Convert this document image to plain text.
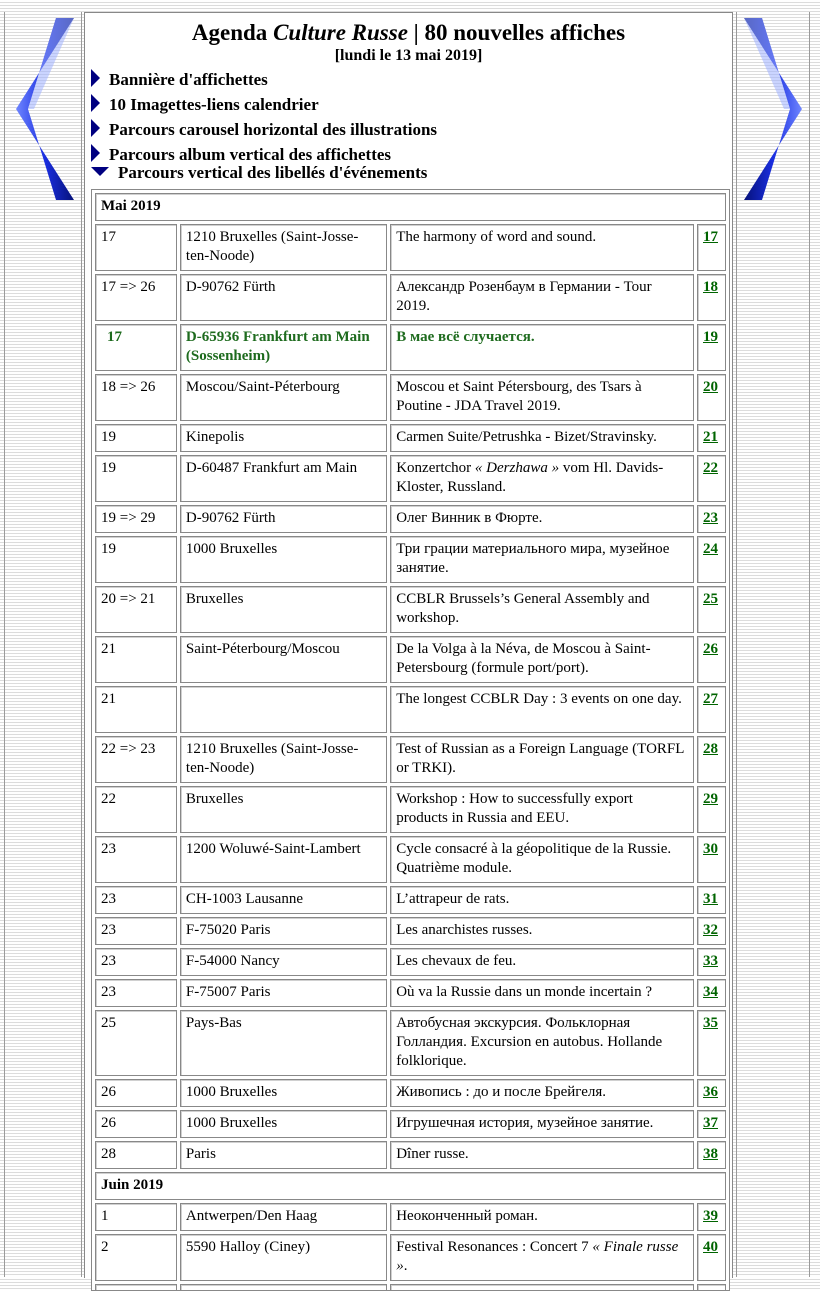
Agenda Culture Russe | 80 nouvelles affiches
[lundi le 13 mai 2019]
Bannière d'affichettes
10 Imagettes-liens calendrier
Parcours carousel horizontal des illustrations
Parcours album vertical des affichettes
Parcours vertical des libellés d'événements
Mai 2019			
17	1210 Bruxelles (Saint-Josse-ten-Noode)	The harmony of word and sound.	17
17 => 26	D-90762 Fürth	Александр Розенбаум в Германии - Tour 2019.	18
17	D-65936 Frankfurt am Main (Sossenheim)	В мае всё случается.	19
18 => 26	Moscou/Saint-Péterbourg	Moscou et Saint Pétersbourg, des Tsars à Poutine - JDA Travel 2019.	20
19	Kinepolis	Carmen Suite/Petrushka - Bizet/Stravinsky.	21
19	D-60487 Frankfurt am Main	Konzertchor « Derzhawa » vom Hl. Davids-Kloster, Russland.	22
19 => 29	D-90762 Fürth	Олег Винник в Фюрте.	23
19	1000 Bruxelles	Три грации материального мира, музейное занятие.	24
20 => 21	Bruxelles	CCBLR Brussels’s General Assembly and workshop.	25
21	Saint-Péterbourg/Moscou	De la Volga à la Néva, de Moscou à Saint-Petersbourg (formule port/port).	26
21		The longest CCBLR Day : 3 events on one day.	27
22 => 23	1210 Bruxelles (Saint-Josse-ten-Noode)	Test of Russian as a Foreign Language (TORFL or TRKI).	28
22	Bruxelles	Workshop : How to successfully export products in Russia and EEU.	29
23	1200 Woluwé-Saint-Lambert	Cycle consacré à la géopolitique de la Russie. Quatrième module.	30
23	CH-1003 Lausanne	L’attrapeur de rats.	31
23	F-75020 Paris	Les anarchistes russes.	32
23	F-54000 Nancy	Les chevaux de feu.	33
23	F-75007 Paris	Où va la Russie dans un monde incertain ?	34
25	Pays-Bas	Автобусная экскурсия. Фольклорная Голландия. Excursion en autobus. Hollande folklorique.	35
26	1000 Bruxelles	Живопись : до и после Брейгеля.	36
26	1000 Bruxelles	Игрушечная история, музейное занятие.	37
28	Paris	Dîner russe.	38
Juin 2019			
1	Antwerpen/Den Haag	Неоконченный роман.	39
2	5590 Halloy (Ciney)	Festival Resonances : Concert 7 « Finale russe ».	40
